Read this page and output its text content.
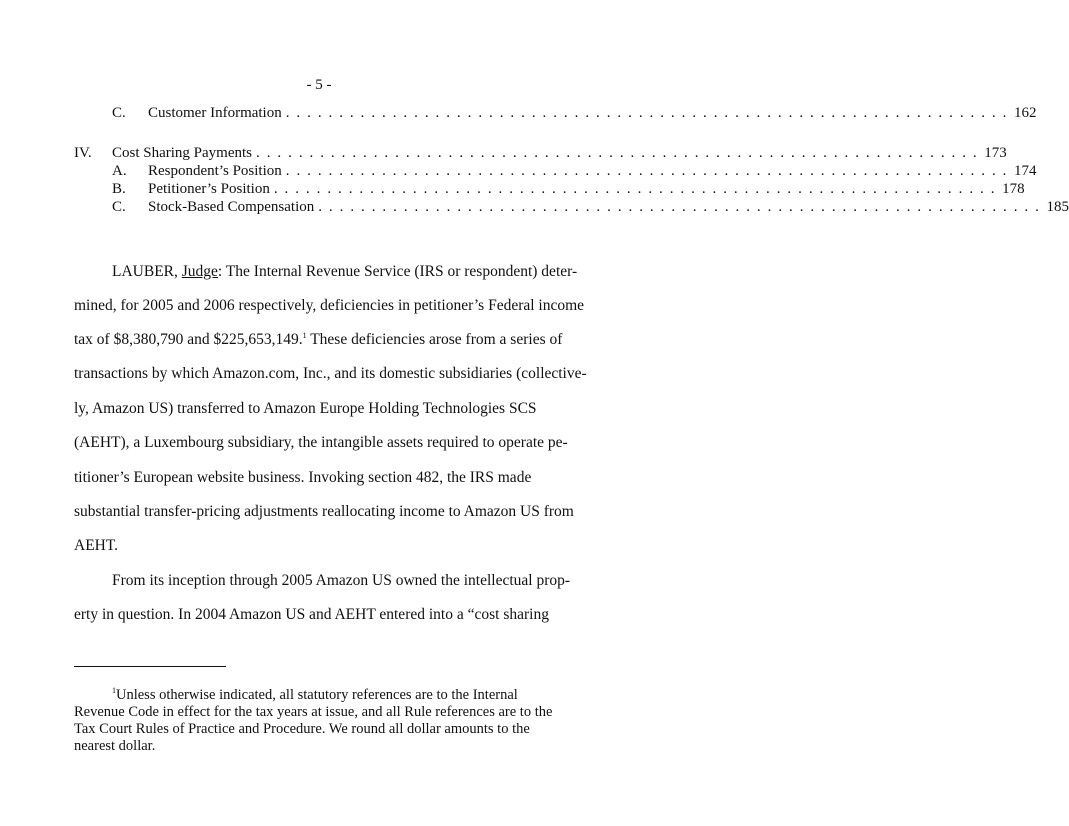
- 5 -
C. Customer Information . . . . . . . . . . . . . . . . . . . . . . . . . . . . . . . . . . . . . . . . . . . . . . . . . . . . . . . . . . . . . . . . . . . . 162
IV. Cost Sharing Payments . . . . . . . . . . . . . . . . . . . . . . . . . . . . . . . . . . . . . . . . . . . . . . . . . . . . . . . . . . . . . . . . . . . . 173
A. Respondent’s Position . . . . . . . . . . . . . . . . . . . . . . . . . . . . . . . . . . . . . . . . . . . . . . . . . . . . . . . . . . . . . . . . . . . . 174
B. Petitioner’s Position . . . . . . . . . . . . . . . . . . . . . . . . . . . . . . . . . . . . . . . . . . . . . . . . . . . . . . . . . . . . . . . . . . . . 178
C. Stock-Based Compensation . . . . . . . . . . . . . . . . . . . . . . . . . . . . . . . . . . . . . . . . . . . . . . . . . . . . . . . . . . . . . . . . . . . . 185
LAUBER, Judge: The Internal Revenue Service (IRS or respondent) deter-
mined, for 2005 and 2006 respectively, deficiencies in petitioner’s Federal income
tax of $8,380,790 and $225,653,149.$^1$ These deficiencies arose from a series of
transactions by which Amazon.com, Inc., and its domestic subsidiaries (collective-
ly, Amazon US) transferred to Amazon Europe Holding Technologies SCS
(AEHT), a Luxembourg subsidiary, the intangible assets required to operate pe-
titioner’s European website business. Invoking section 482, the IRS made
substantial transfer-pricing adjustments reallocating income to Amazon US from
AEHT.
From its inception through 2005 Amazon US owned the intellectual prop-
erty in question. In 2004 Amazon US and AEHT entered into a “cost sharing
$^1$Unless otherwise indicated, all statutory references are to the Internal
Revenue Code in effect for the tax years at issue, and all Rule references are to the
Tax Court Rules of Practice and Procedure. We round all dollar amounts to the
nearest dollar.
